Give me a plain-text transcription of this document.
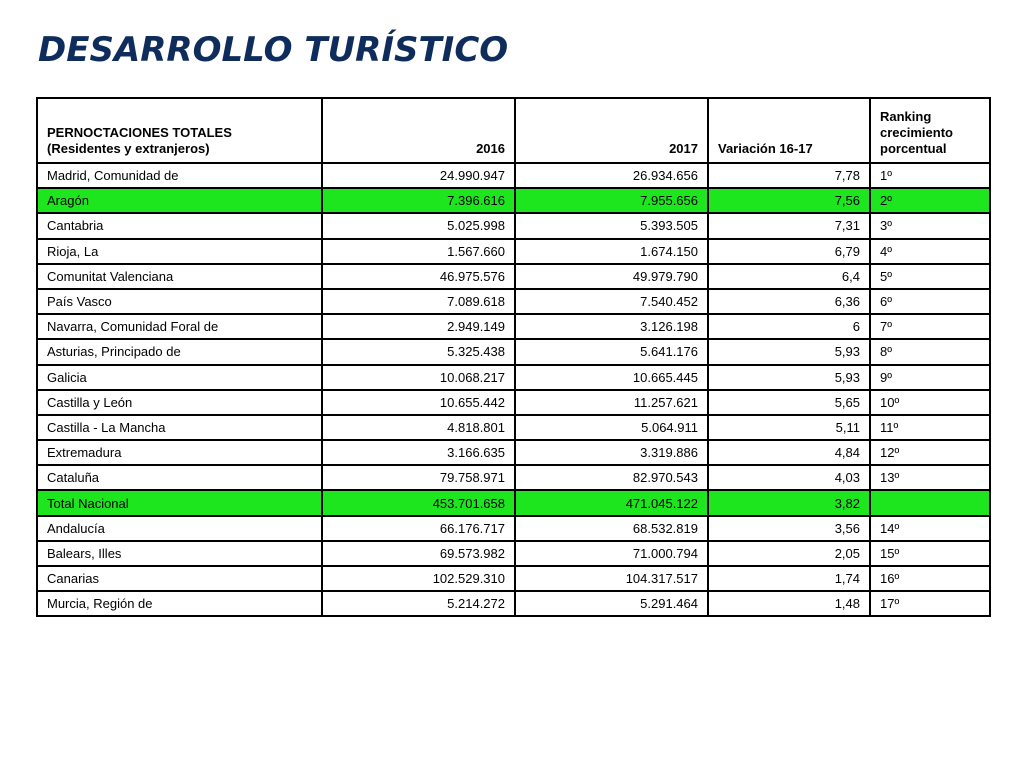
DESARROLLO TURÍSTICO
PERNOCTACIONES TOTALES
(Residentes y extranjeros)	2016	2017	Variación 16-17	Ranking
crecimiento
porcentual
Madrid, Comunidad de	24.990.947	26.934.656	7,78	1º
Aragón	7.396.616	7.955.656	7,56	2º
Cantabria	5.025.998	5.393.505	7,31	3º
Rioja, La	1.567.660	1.674.150	6,79	4º
Comunitat Valenciana	46.975.576	49.979.790	6,4	5º
País Vasco	7.089.618	7.540.452	6,36	6º
Navarra, Comunidad Foral de	2.949.149	3.126.198	6	7º
Asturias, Principado de	5.325.438	5.641.176	5,93	8º
Galicia	10.068.217	10.665.445	5,93	9º
Castilla y León	10.655.442	11.257.621	5,65	10º
Castilla - La Mancha	4.818.801	5.064.911	5,11	11º
Extremadura	3.166.635	3.319.886	4,84	12º
Cataluña	79.758.971	82.970.543	4,03	13º
Total Nacional	453.701.658	471.045.122	3,82	
Andalucía	66.176.717	68.532.819	3,56	14º
Balears, Illes	69.573.982	71.000.794	2,05	15º
Canarias	102.529.310	104.317.517	1,74	16º
Murcia, Región de	5.214.272	5.291.464	1,48	17º
